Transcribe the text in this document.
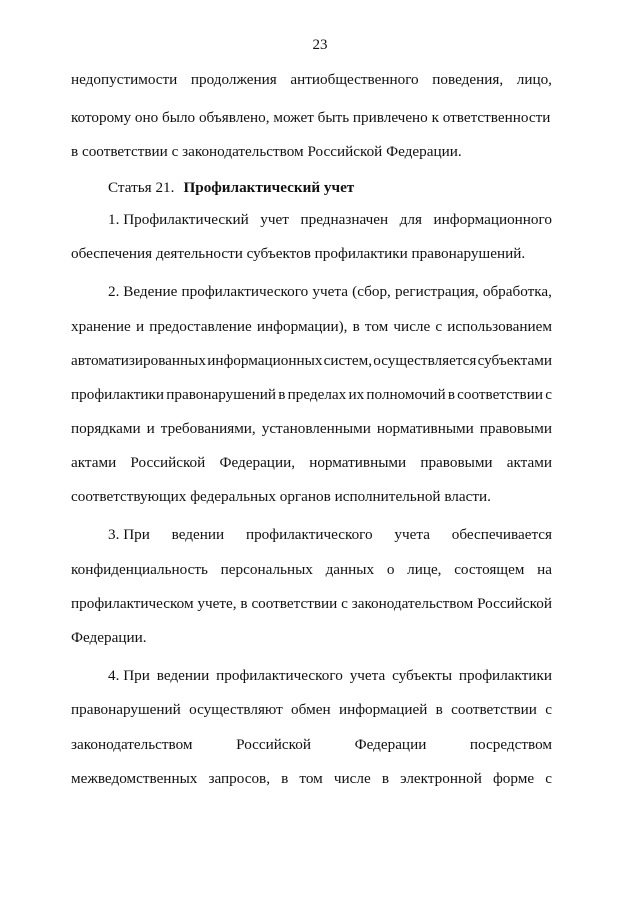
23
недопустимости продолжения антиобщественного поведения, лицо,
которому оно было объявлено, может быть привлечено к ответственности
в соответствии с законодательством Российской Федерации.
Статья 21. Профилактический учет
1. Профилактический учет предназначен для информационного
обеспечения деятельности субъектов профилактики правонарушений.
2. Ведение профилактического учета (сбор, регистрация, обработка,
хранение и предоставление информации), в том числе с использованием
автоматизированных информационных систем, осуществляется субъектами
профилактики правонарушений в пределах их полномочий в соответствии с
порядками и требованиями, установленными нормативными правовыми
актами Российской Федерации, нормативными правовыми актами
соответствующих федеральных органов исполнительной власти.
3. При ведении профилактического учета обеспечивается
конфиденциальность персональных данных о лице, состоящем на
профилактическом учете, в соответствии с законодательством Российской
Федерации.
4. При ведении профилактического учета субъекты профилактики
правонарушений осуществляют обмен информацией в соответствии с
законодательством	Российской	Федерации	посредством
межведомственных запросов, в том числе в электронной форме с
